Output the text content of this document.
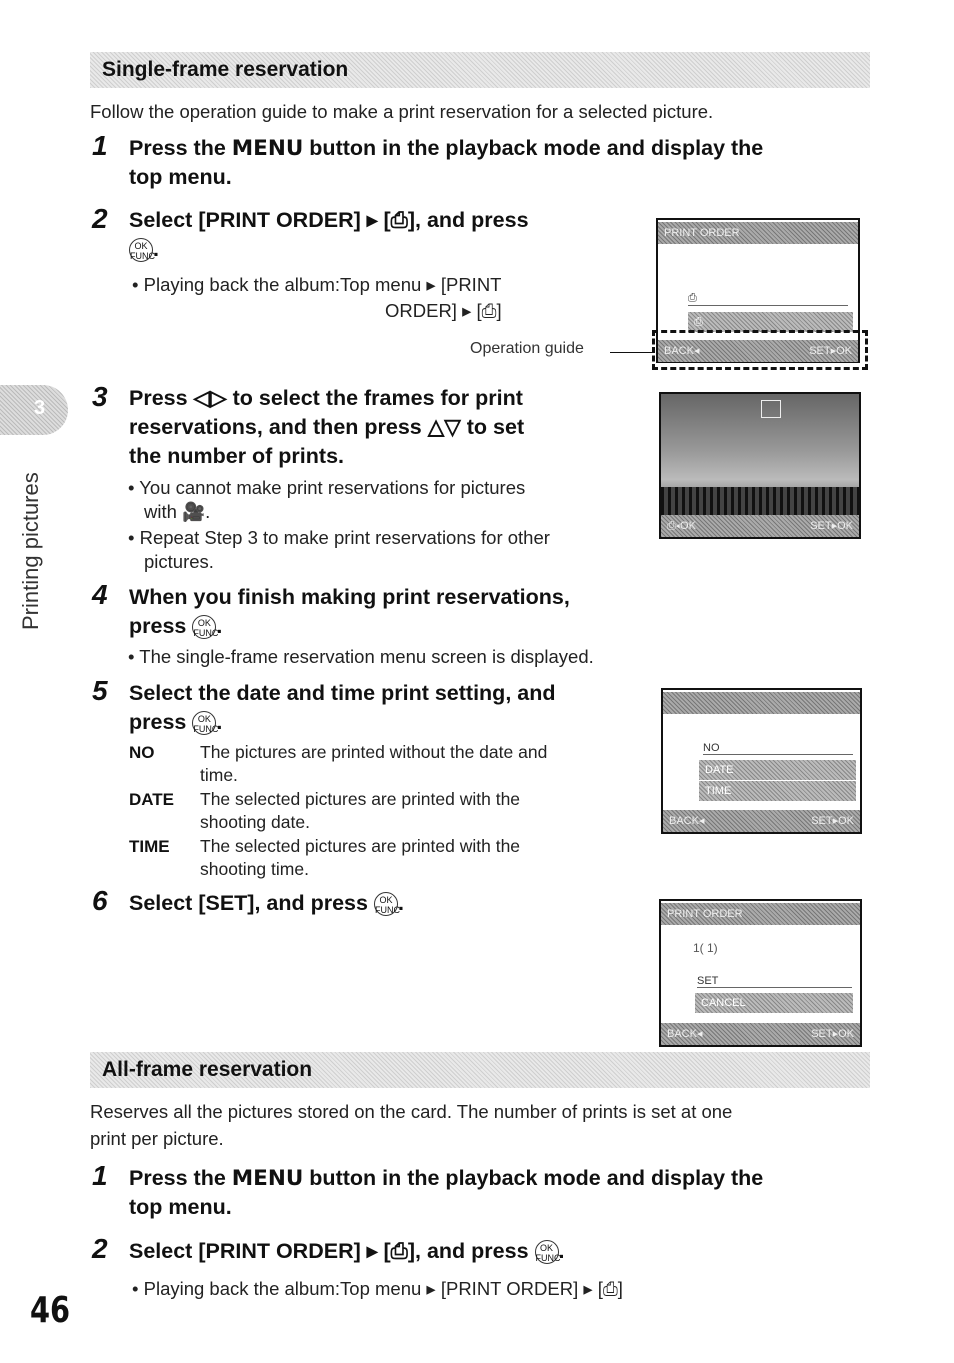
3
Printing pictures
Single-frame reservation
Follow the operation guide to make a print reservation for a selected picture.
1 Press the MENU button in the playback mode and display the
top menu.
2 Select [PRINT ORDER] ▸ [⎙], and press
OK
FUNC.
• Playing back the album:Top menu ▸ [PRINT
ORDER] ▸ [⎙]
Operation guide
PRINT ORDER
⎙
⎙
BACK◂	SET▸OK
3 Press ◁▷ to select the frames for print
reservations, and then press △▽ to set
the number of prints.
• You cannot make print reservations for pictures
with 🎥.
• Repeat Step 3 to make print reservations for other
pictures.
⎙◂OK	SET▸OK
4 When you finish making print reservations,
press OK
FUNC.
• The single-frame reservation menu screen is displayed.
5 Select the date and time print setting, and
press OK
FUNC.
NO	The pictures are printed without the date and
time.
DATE The selected pictures are printed with the
shooting date.
TIME The selected pictures are printed with the
shooting time.
NO
DATE
TIME
BACK◂	SET▸OK
6 Select [SET], and press OK
FUNC.	PRINT ORDER
1( 1)
SET
CANCEL
BACK◂	SET▸OK
All-frame reservation
Reserves all the pictures stored on the card. The number of prints is set at one
print per picture.
1 Press the MENU button in the playback mode and display the
top menu.
2 Select [PRINT ORDER] ▸ [⎙], and press OK
FUNC.
• Playing back the album:Top menu ▸ [PRINT ORDER] ▸ [⎙]
46
